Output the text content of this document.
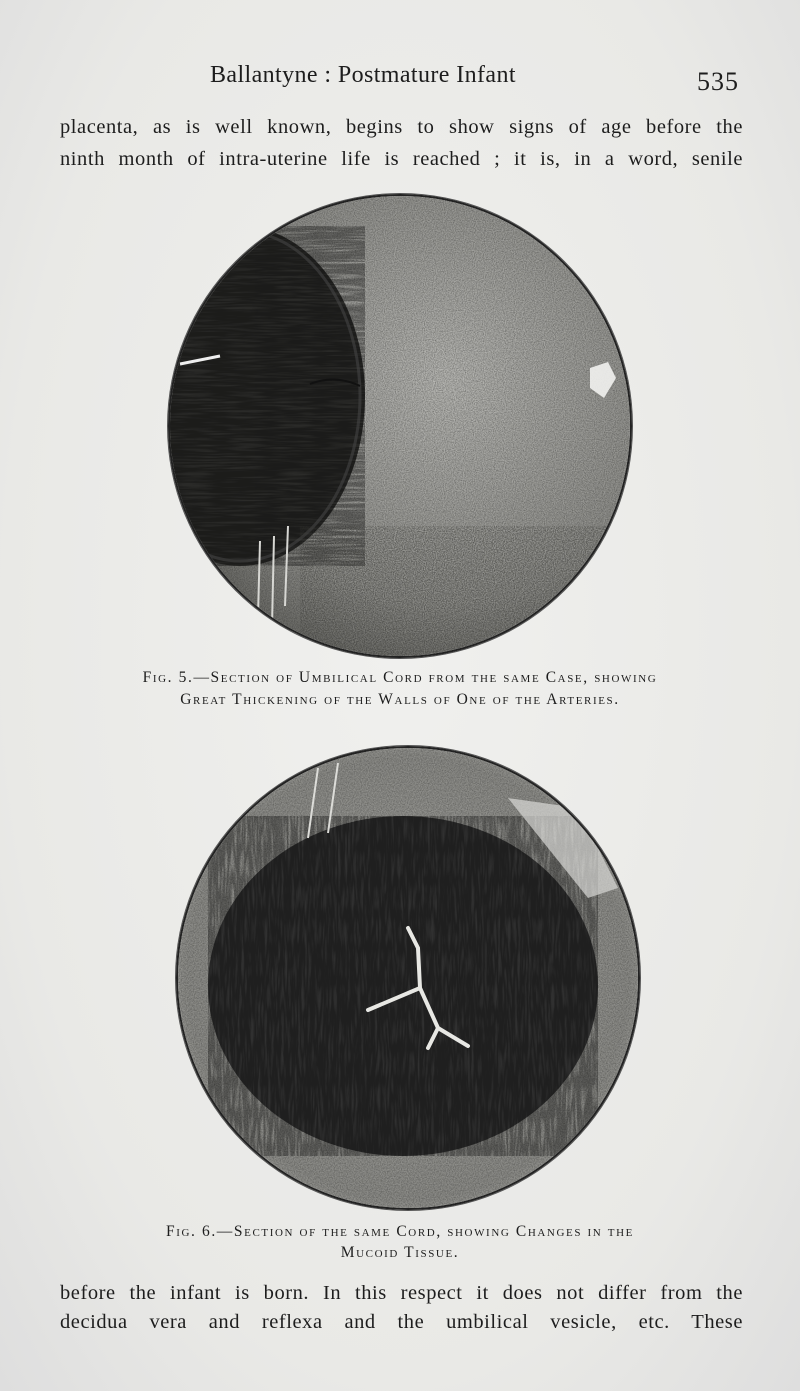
Ballantyne : Postmature Infant	535
placenta, as is well known, begins to show signs of age before the
ninth month of intra-uterine life is reached ; it is, in a word, senile
Fig. 5.—Section of Umbilical Cord from the same Case, showing
Great Thickening of the Walls of One of the Arteries.
Fig. 6.—Section of the same Cord, showing Changes in the
Mucoid Tissue.
before the infant is born. In this respect it does not differ from the
decidua vera and reflexa and the umbilical vesicle, etc. These
